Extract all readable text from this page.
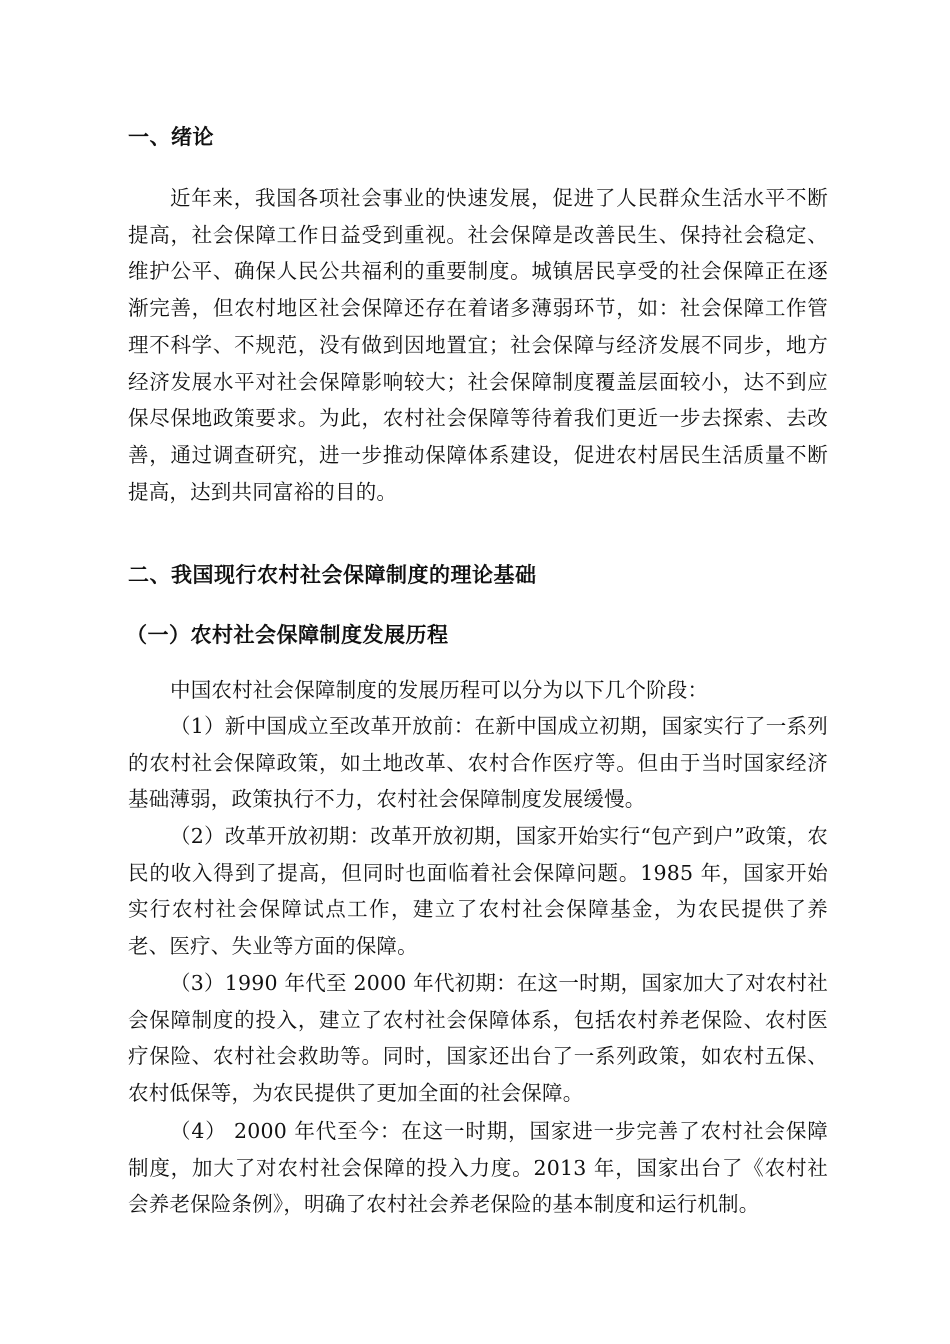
一、绪论

近年来，我国各项社会事业的快速发展，促进了人民群众生活水平不断提高，社会保障工作日益受到重视。社会保障是改善民生、保持社会稳定、维护公平、确保人民公共福利的重要制度。城镇居民享受的社会保障正在逐渐完善，但农村地区社会保障还存在着诸多薄弱环节，如：社会保障工作管理不科学、不规范，没有做到因地置宜；社会保障与经济发展不同步，地方经济发展水平对社会保障影响较大；社会保障制度覆盖层面较小，达不到应保尽保地政策要求。为此，农村社会保障等待着我们更近一步去探索、去改善，通过调查研究，进一步推动保障体系建设，促进农村居民生活质量不断提高，达到共同富裕的目的。

二、我国现行农村社会保障制度的理论基础
（一）农村社会保障制度发展历程

中国农村社会保障制度的发展历程可以分为以下几个阶段：

（1）新中国成立至改革开放前：在新中国成立初期，国家实行了一系列的农村社会保障政策，如土地改革、农村合作医疗等。但由于当时国家经济基础薄弱，政策执行不力，农村社会保障制度发展缓慢。

（2）改革开放初期：改革开放初期，国家开始实行“包产到户”政策，农民的收入得到了提高，但同时也面临着社会保障问题。1985 年，国家开始实行农村社会保障试点工作，建立了农村社会保障基金，为农民提供了养老、医疗、失业等方面的保障。

（3）1990 年代至 2000 年代初期：在这一时期，国家加大了对农村社会保障制度的投入，建立了农村社会保障体系，包括农村养老保险、农村医疗保险、农村社会救助等。同时，国家还出台了一系列政策，如农村五保、农村低保等，为农民提供了更加全面的社会保障。

（4） 2000 年代至今：在这一时期，国家进一步完善了农村社会保障制度，加大了对农村社会保障的投入力度。2013 年，国家出台了《农村社会养老保险条例》，明确了农村社会养老保险的基本制度和运行机制。
